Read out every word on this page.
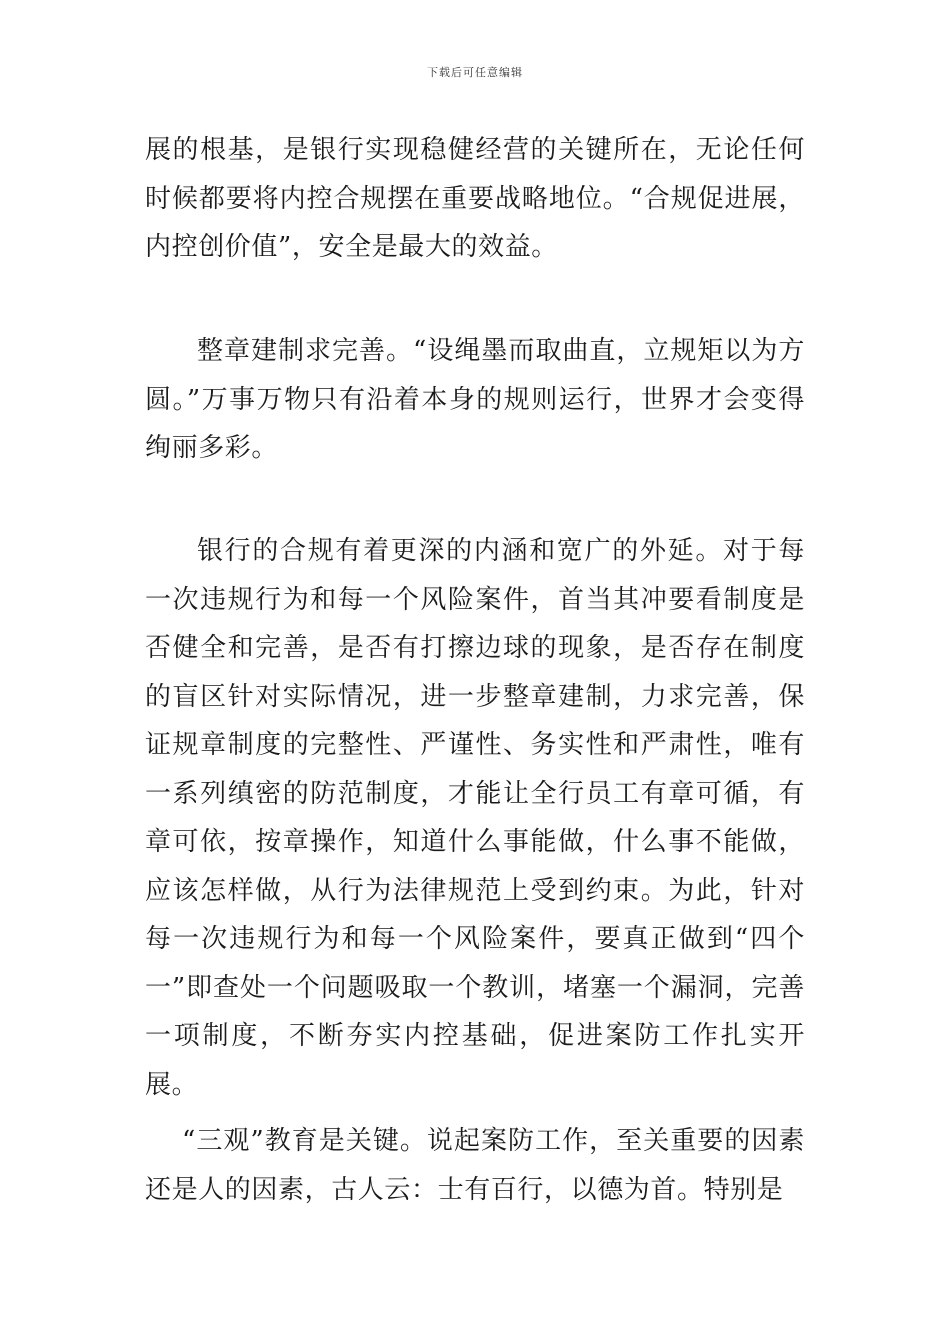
下载后可任意编辑

展的根基，是银行实现稳健经营的关键所在，无论任何时候都要将内控合规摆在重要战略地位。“合规促进展，内控创价值”，安全是最大的效益。

整章建制求完善。“设绳墨而取曲直，立规矩以为方圆。”万事万物只有沿着本身的规则运行，世界才会变得绚丽多彩。

银行的合规有着更深的内涵和宽广的外延。对于每一次违规行为和每一个风险案件，首当其冲要看制度是否健全和完善，是否有打擦边球的现象，是否存在制度的盲区针对实际情况，进一步整章建制，力求完善，保证规章制度的完整性、严谨性、务实性和严肃性，唯有一系列缜密的防范制度，才能让全行员工有章可循，有章可依，按章操作，知道什么事能做，什么事不能做，应该怎样做，从行为法律规范上受到约束。为此，针对每一次违规行为和每一个风险案件，要真正做到“四个一”即查处一个问题吸取一个教训，堵塞一个漏洞，完善一项制度，不断夯实内控基础，促进案防工作扎实开展。

“三观”教育是关键。说起案防工作，至关重要的因素还是人的因素，古人云：士有百行，以德为首。特别是
